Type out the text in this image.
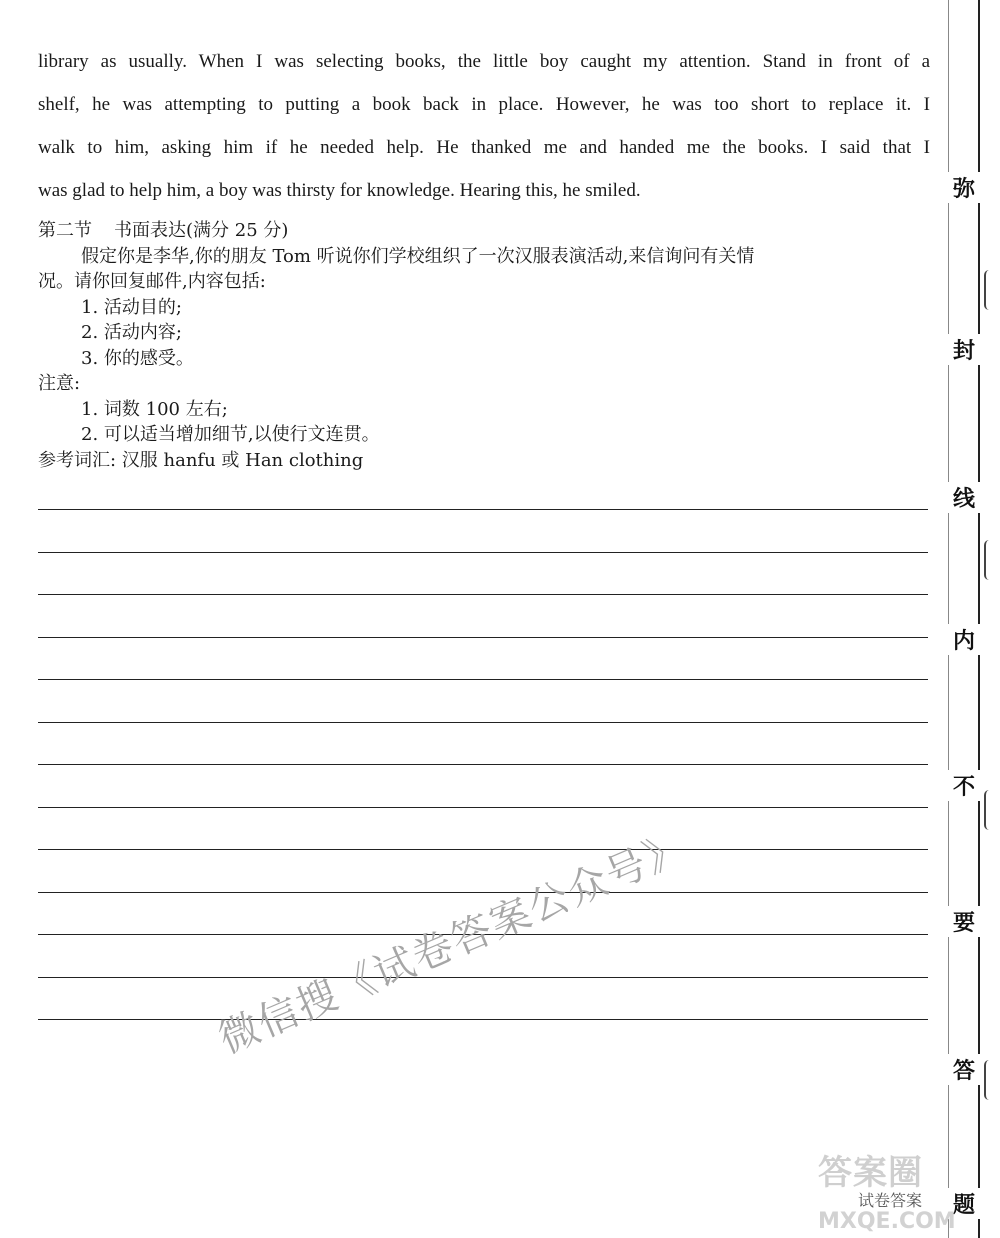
library as usually. When I was selecting books, the little boy caught my attention. Stand in front of a
shelf, he was attempting to putting a book back in place. However, he was too short to replace it. I
walk to him, asking him if he needed help. He thanked me and handed me the books. I said that I
was glad to help him, a boy was thirsty for knowledge. Hearing this, he smiled.
第二节 书面表达(满分 25 分)
假定你是李华,你的朋友 Tom 听说你们学校组织了一次汉服表演活动,来信询问有关情
况。请你回复邮件,内容包括:
1. 活动目的;
2. 活动内容;
3. 你的感受。
注意:
1. 词数 100 左右;
2. 可以适当增加细节,以使行文连贯。
参考词汇: 汉服 hanfu 或 Han clothing
微信搜《试卷答案公众号》
弥
封
线
内
不
要
答
题
答案圈
试卷答案
MXQE.COM
